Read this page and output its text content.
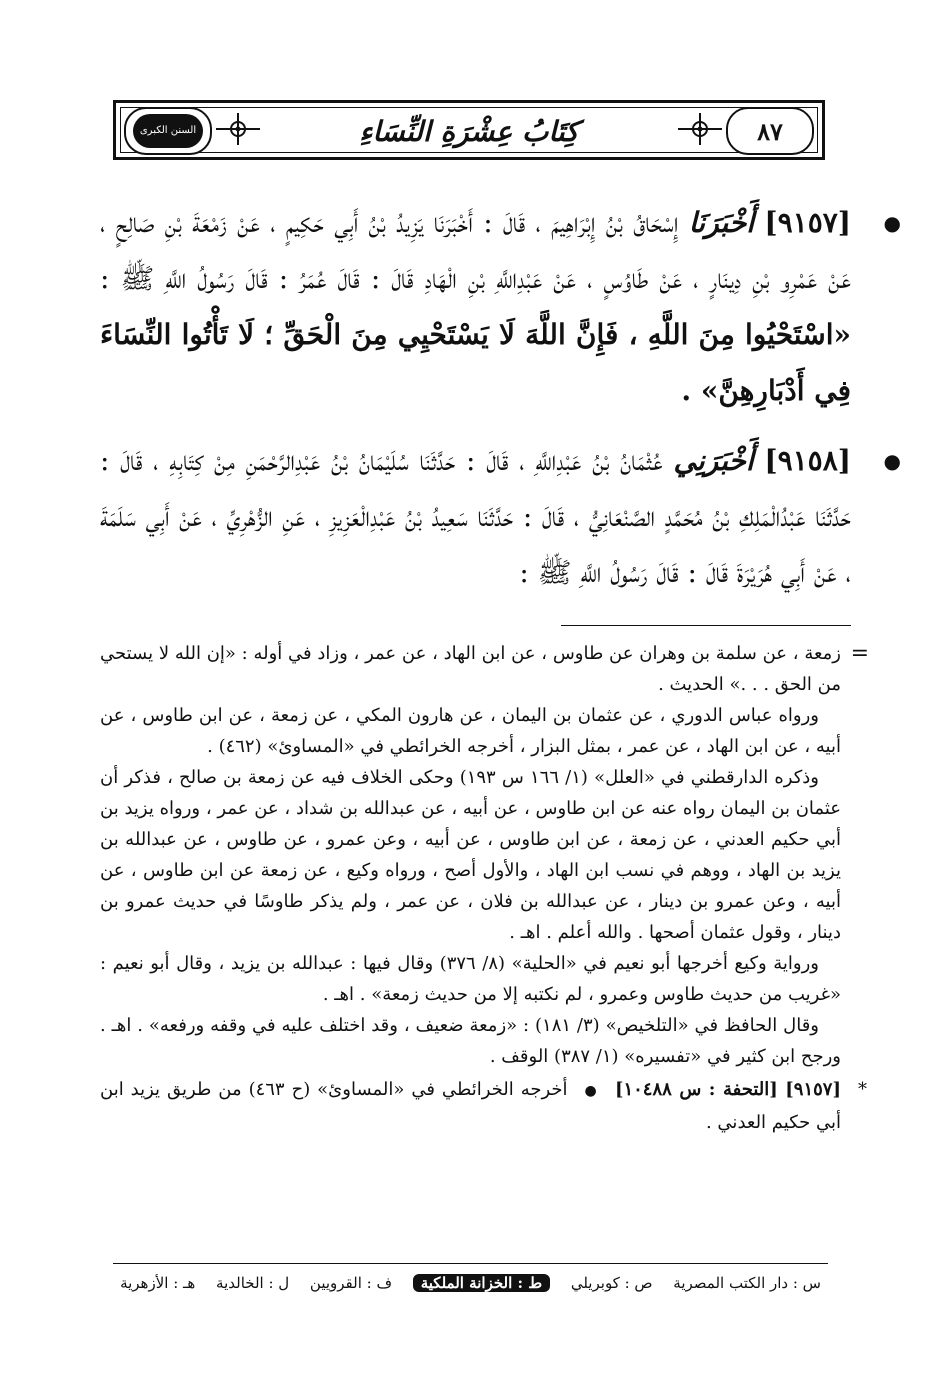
السنن الكبرى	كِتَابُ عِشْرَةِ النِّسَاءِ	٨٧

●
[٩١٥٧] أَخْبَرَنَا إِسْحَاقُ بْنُ إِبْرَاهِيمَ ، قَالَ : أَخْبَرَنَا يَزِيدُ بْنُ أَبِي حَكِيمٍ ، عَنْ زَمْعَةَ بْنِ صَالِحٍ ، عَنْ عَمْرِو بْنِ دِينَارٍ ، عَنْ طَاوُسٍ ، عَنْ عَبْدِاللَّهِ بْنِ الْهَادِ قَالَ : قَالَ عُمَرُ : قَالَ رَسُولُ اللَّهِ ﷺ : «اسْتَحْيُوا مِنَ اللَّهِ ، فَإِنَّ اللَّهَ لَا يَسْتَحْيِي مِنَ الْحَقِّ ؛ لَا تَأْتُوا النِّسَاءَ فِي أَدْبَارِهِنَّ» .

●
[٩١٥٨] أَخْبَرَنِي عُثْمَانُ بْنُ عَبْدِاللَّهِ ، قَالَ : حَدَّثَنَا سُلَيْمَانُ بْنُ عَبْدِالرَّحْمَنِ مِنْ كِتَابِهِ ، قَالَ : حَدَّثَنَا عَبْدُالْمَلِكِ بْنُ مُحَمَّدٍ الصَّنْعَانِيُّ ، قَالَ : حَدَّثَنَا سَعِيدُ بْنُ عَبْدِالْعَزِيزِ ، عَنِ الزُّهْرِيِّ ، عَنْ أَبِي سَلَمَةَ ، عَنْ أَبِي هُرَيْرَةَ قَالَ : قَالَ رَسُولُ اللَّهِ ﷺ :

=

زمعة ، عن سلمة بن وهران عن طاوس ، عن ابن الهاد ، عن عمر ، وزاد في أوله : «إن الله لا يستحي من الحق . . .» الحديث .

ورواه عباس الدوري ، عن عثمان بن اليمان ، عن هارون المكي ، عن زمعة ، عن ابن طاوس ، عن أبيه ، عن ابن الهاد ، عن عمر ، بمثل البزار ، أخرجه الخرائطي في «المساوئ» (٤٦٢) .

وذكره الدارقطني في «العلل» (١/ ١٦٦ س ١٩٣) وحكى الخلاف فيه عن زمعة بن صالح ، فذكر أن عثمان بن اليمان رواه عنه عن ابن طاوس ، عن أبيه ، عن عبدالله بن شداد ، عن عمر ، ورواه يزيد بن أبي حكيم العدني ، عن زمعة ، عن ابن طاوس ، عن أبيه ، وعن عمرو ، عن طاوس ، عن عبدالله بن يزيد بن الهاد ، ووهم في نسب ابن الهاد ، والأول أصح ، ورواه وكيع ، عن زمعة عن ابن طاوس ، عن أبيه ، وعن عمرو بن دينار ، عن عبدالله بن فلان ، عن عمر ، ولم يذكر طاوسًا في حديث عمرو بن دينار ، وقول عثمان أصحها . والله أعلم . اهـ .

ورواية وكيع أخرجها أبو نعيم في «الحلية» (٨/ ٣٧٦) وقال فيها : عبدالله بن يزيد ، وقال أبو نعيم : «غريب من حديث طاوس وعمرو ، لم نكتبه إلا من حديث زمعة» . اهـ .

وقال الحافظ في «التلخيص» (٣/ ١٨١) : «زمعة ضعيف ، وقد اختلف عليه في وقفه ورفعه» . اهـ . ورجح ابن كثير في «تفسيره» (١/ ٣٨٧) الوقف .

*
[٩١٥٧] [التحفة : س ١٠٤٨٨] ● أخرجه الخرائطي في «المساوئ» (ح ٤٦٣) من طريق يزيد ابن أبي حكيم العدني .

س : دار الكتب المصرية
ص : كوبريلي
ط : الخزانة الملكية
ف : القرويين
ل : الخالدية
هـ : الأزهرية
